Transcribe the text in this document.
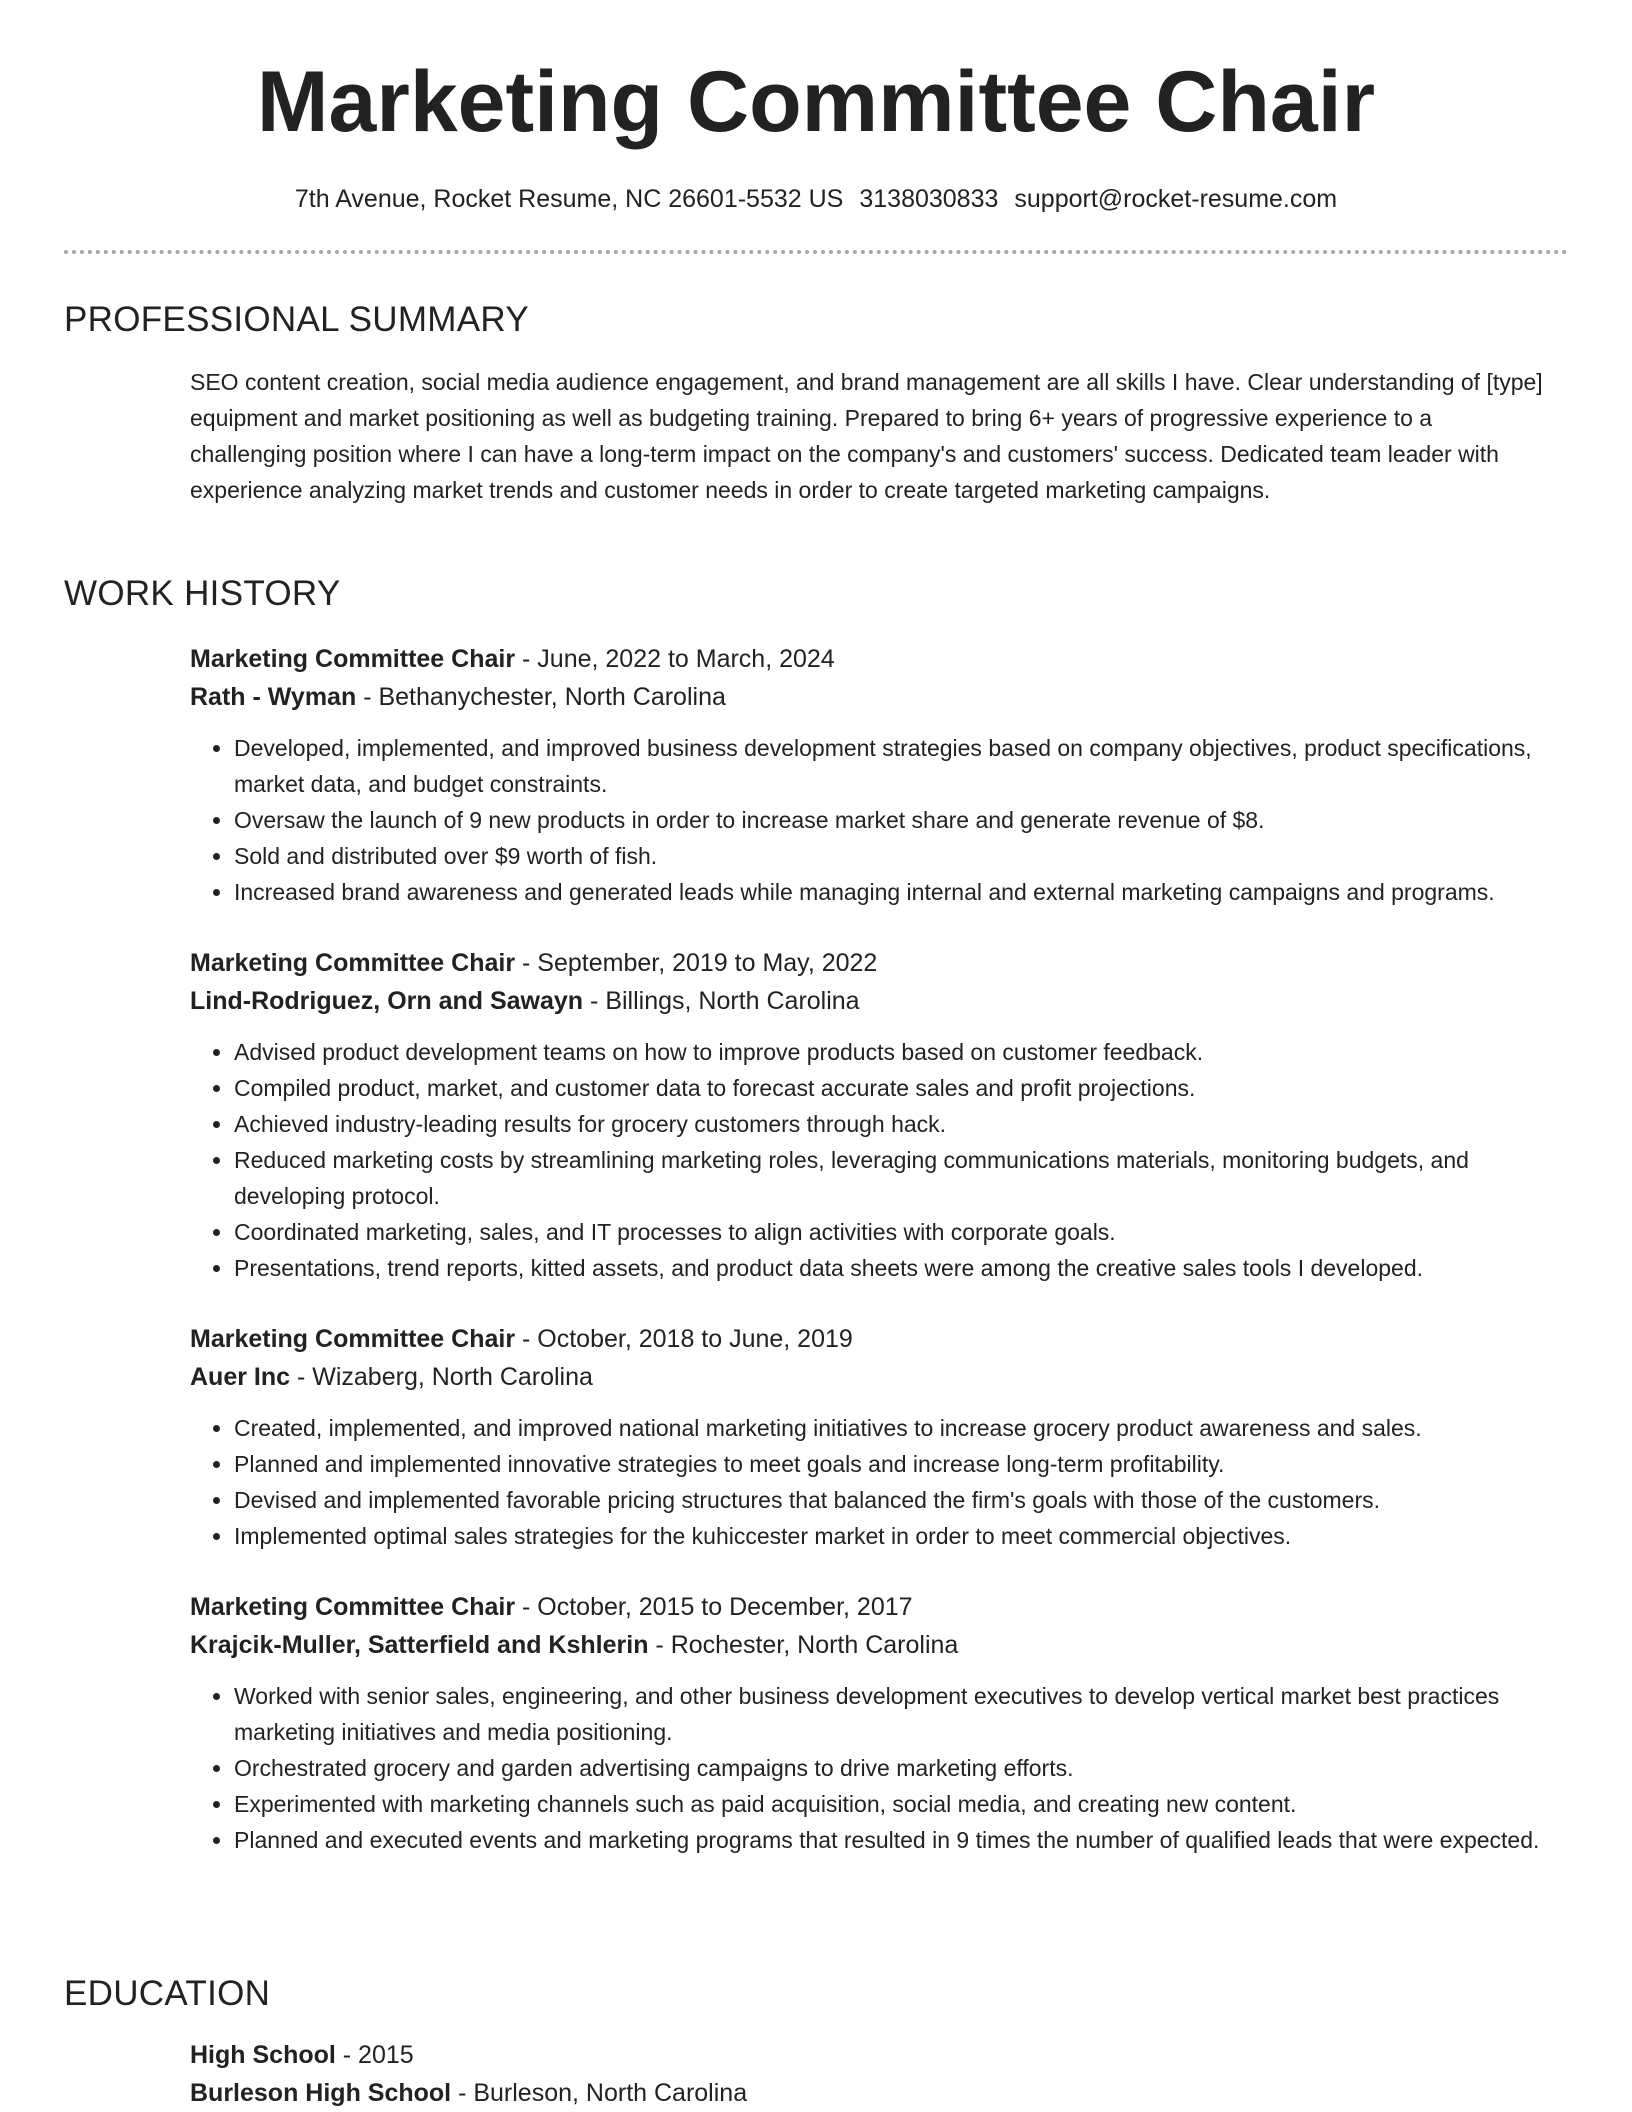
Marketing Committee Chair
7th Avenue, Rocket Resume, NC 26601-5532 US 3138030833 support@rocket-resume.com
PROFESSIONAL SUMMARY

SEO content creation, social media audience engagement, and brand management are all skills I have. Clear understanding of [type] equipment and market positioning as well as budgeting training. Prepared to bring 6+ years of progressive experience to a challenging position where I can have a long-term impact on the company's and customers' success. Dedicated team leader with experience analyzing market trends and customer needs in order to create targeted marketing campaigns.

WORK HISTORY

Marketing Committee Chair - June, 2022 to March, 2024

Rath - Wyman - Bethanychester, North Carolina

• Developed, implemented, and improved business development strategies based on company objectives, product specifications, market data, and budget constraints.
• Oversaw the launch of 9 new products in order to increase market share and generate revenue of $8.
• Sold and distributed over $9 worth of fish.
• Increased brand awareness and generated leads while managing internal and external marketing campaigns and programs.

Marketing Committee Chair - September, 2019 to May, 2022

Lind-Rodriguez, Orn and Sawayn - Billings, North Carolina

• Advised product development teams on how to improve products based on customer feedback.
• Compiled product, market, and customer data to forecast accurate sales and profit projections.
• Achieved industry-leading results for grocery customers through hack.
• Reduced marketing costs by streamlining marketing roles, leveraging communications materials, monitoring budgets, and developing protocol.
• Coordinated marketing, sales, and IT processes to align activities with corporate goals.
• Presentations, trend reports, kitted assets, and product data sheets were among the creative sales tools I developed.

Marketing Committee Chair - October, 2018 to June, 2019

Auer Inc - Wizaberg, North Carolina

• Created, implemented, and improved national marketing initiatives to increase grocery product awareness and sales.
• Planned and implemented innovative strategies to meet goals and increase long-term profitability.
• Devised and implemented favorable pricing structures that balanced the firm's goals with those of the customers.
• Implemented optimal sales strategies for the kuhiccester market in order to meet commercial objectives.

Marketing Committee Chair - October, 2015 to December, 2017

Krajcik-Muller, Satterfield and Kshlerin - Rochester, North Carolina

• Worked with senior sales, engineering, and other business development executives to develop vertical market best practices marketing initiatives and media positioning.
• Orchestrated grocery and garden advertising campaigns to drive marketing efforts.
• Experimented with marketing channels such as paid acquisition, social media, and creating new content.
• Planned and executed events and marketing programs that resulted in 9 times the number of qualified leads that were expected.
EDUCATION

High School - 2015

Burleson High School - Burleson, North Carolina
